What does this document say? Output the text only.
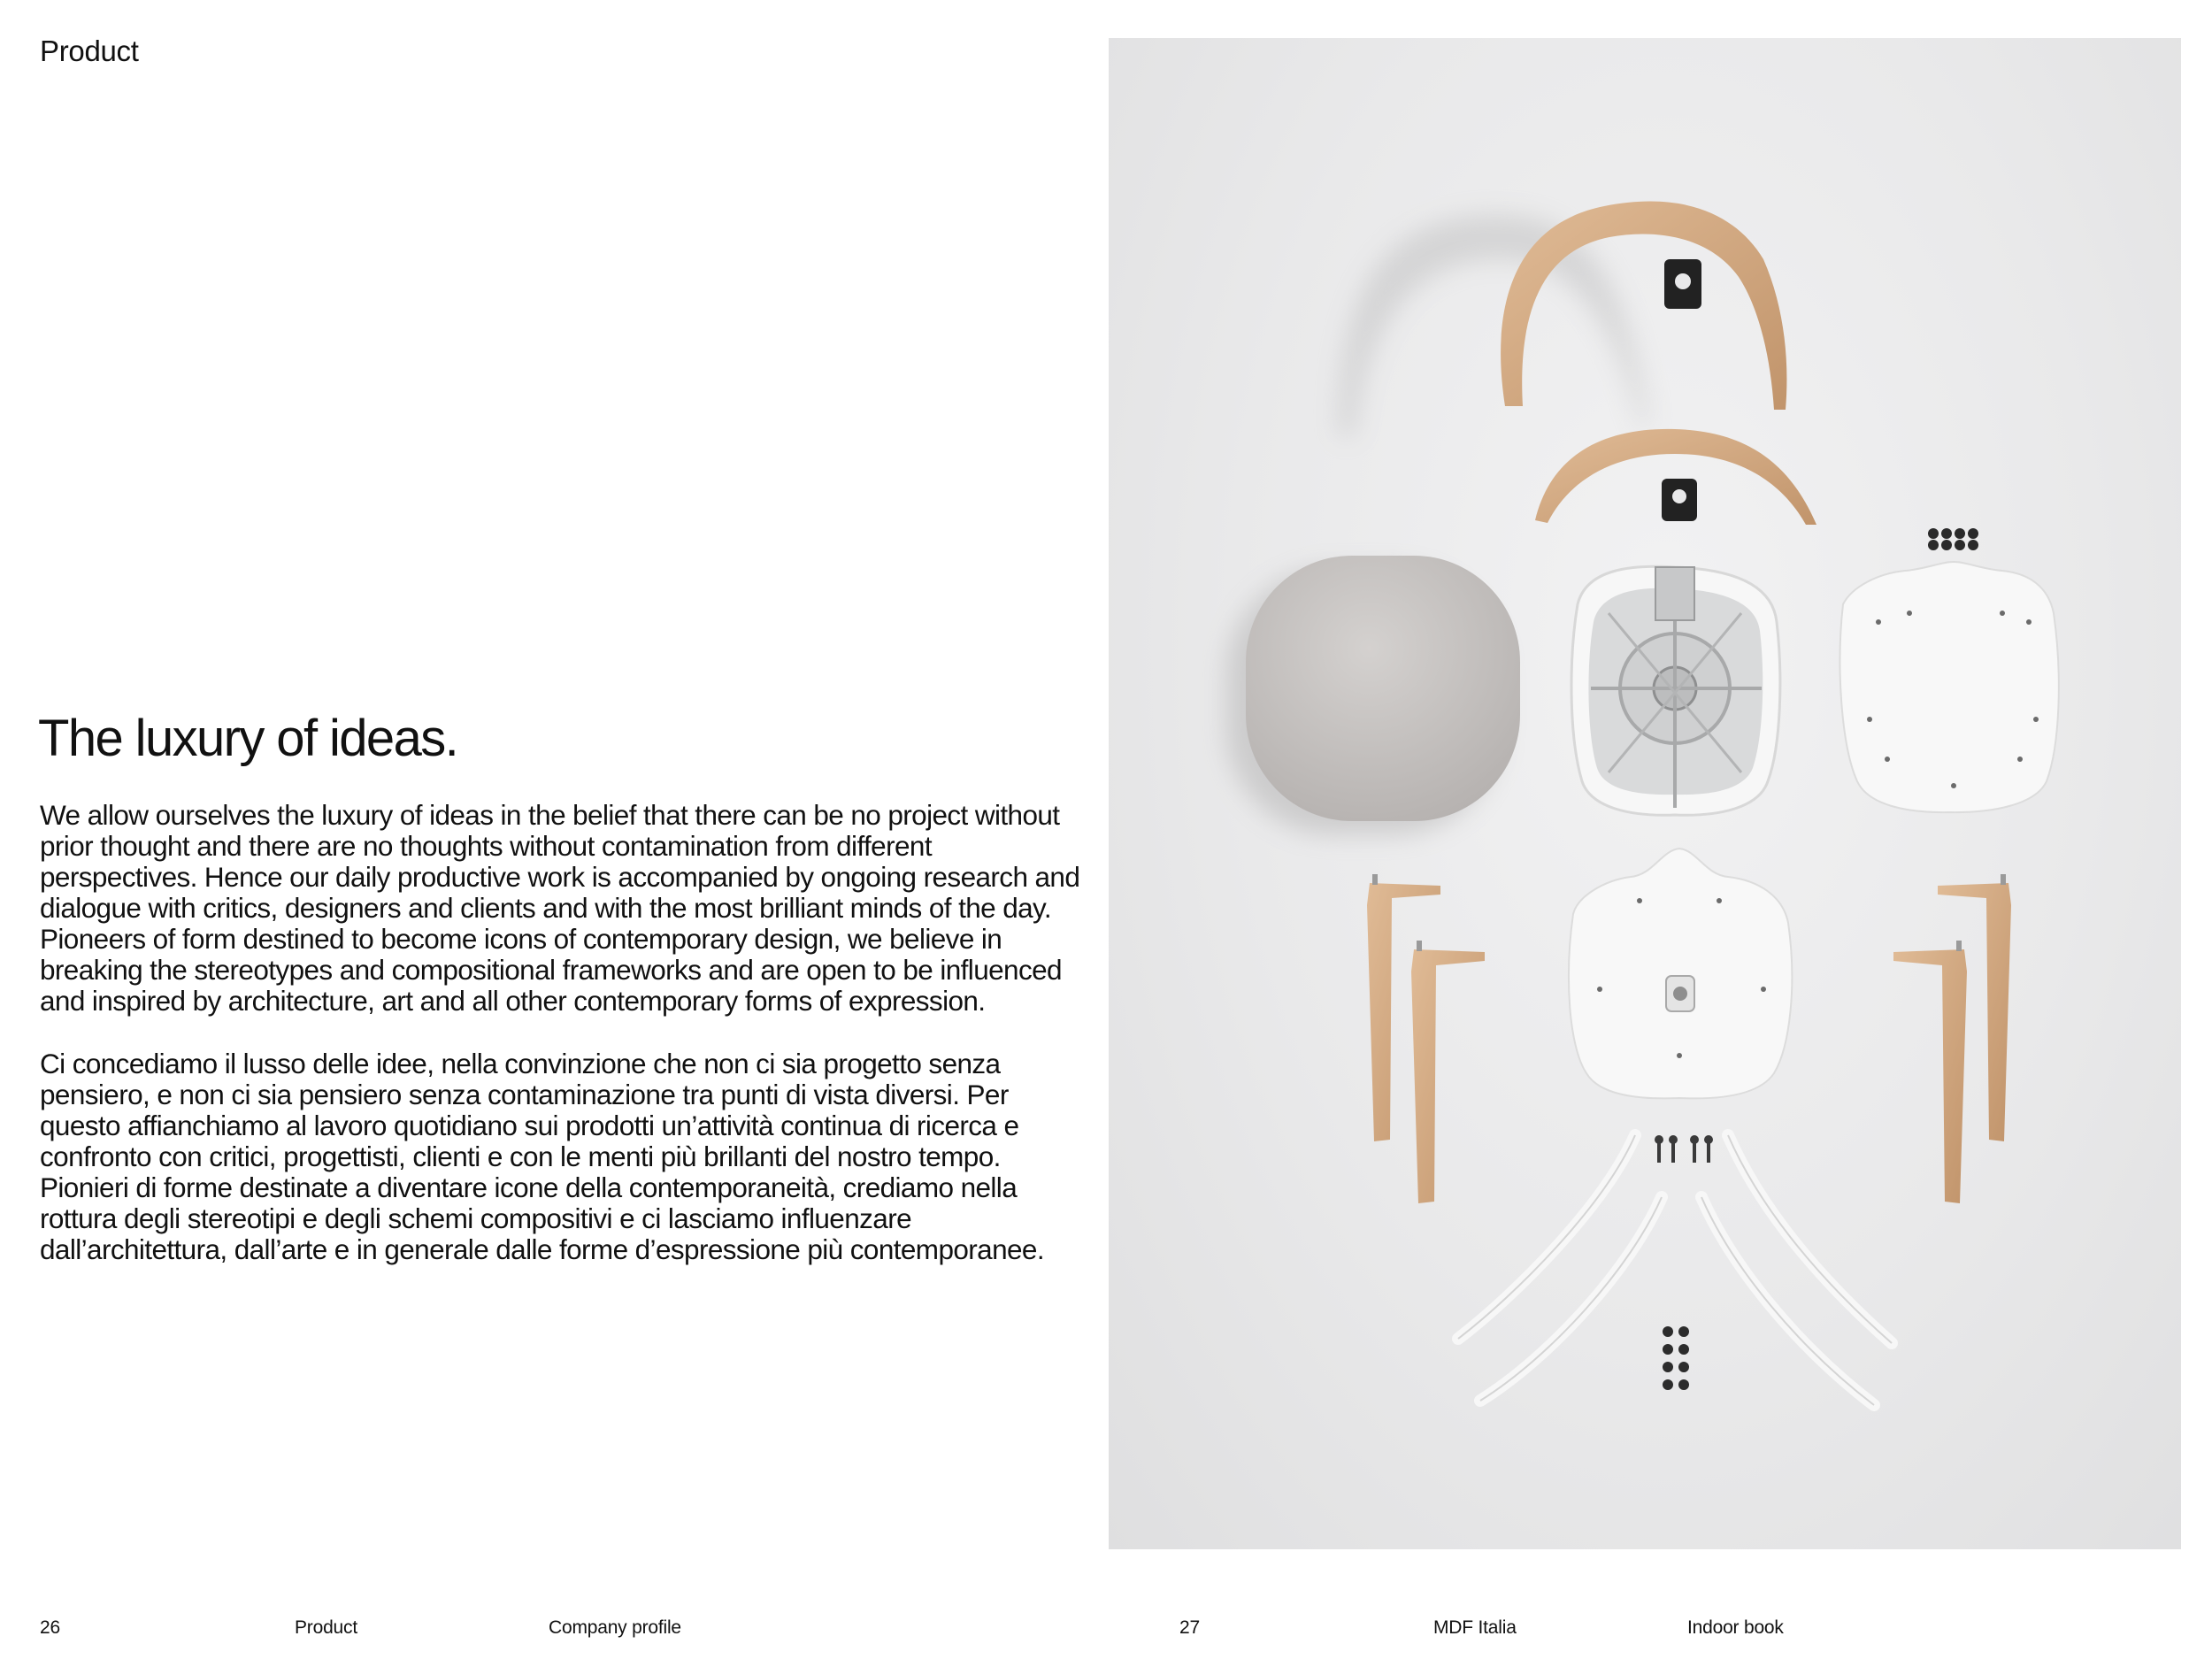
Product
The luxury of ideas.

We allow ourselves the luxury of ideas in the belief that there can be no project without prior thought and there are no thoughts without contamination from different perspectives. Hence our daily productive work is accompanied by ongoing research and dialogue with critics, designers and clients and with the most brilliant minds of the day. Pioneers of form destined to become icons of contemporary design, we believe in breaking the stereotypes and compositional frameworks and are open to be influenced and inspired by architecture, art and all other contemporary forms of expression.

Ci concediamo il lusso delle idee, nella convinzione che non ci sia progetto senza pensiero, e non ci sia pensiero senza contaminazione tra punti di vista diversi. Per questo affianchiamo al lavoro quotidiano sui prodotti un’attività continua di ricerca e confronto con critici, progettisti, clienti e con le menti più brillanti del nostro tempo. Pionieri di forme destinate a diventare icone della contemporaneità, crediamo nella rottura degli stereotipi e degli schemi compositivi e ci lasciamo influenzare dall’architettura, dall’arte e in generale dalle forme d’espressione più contemporanee.

26	Product	Company profile	27	MDF Italia	Indoor book
